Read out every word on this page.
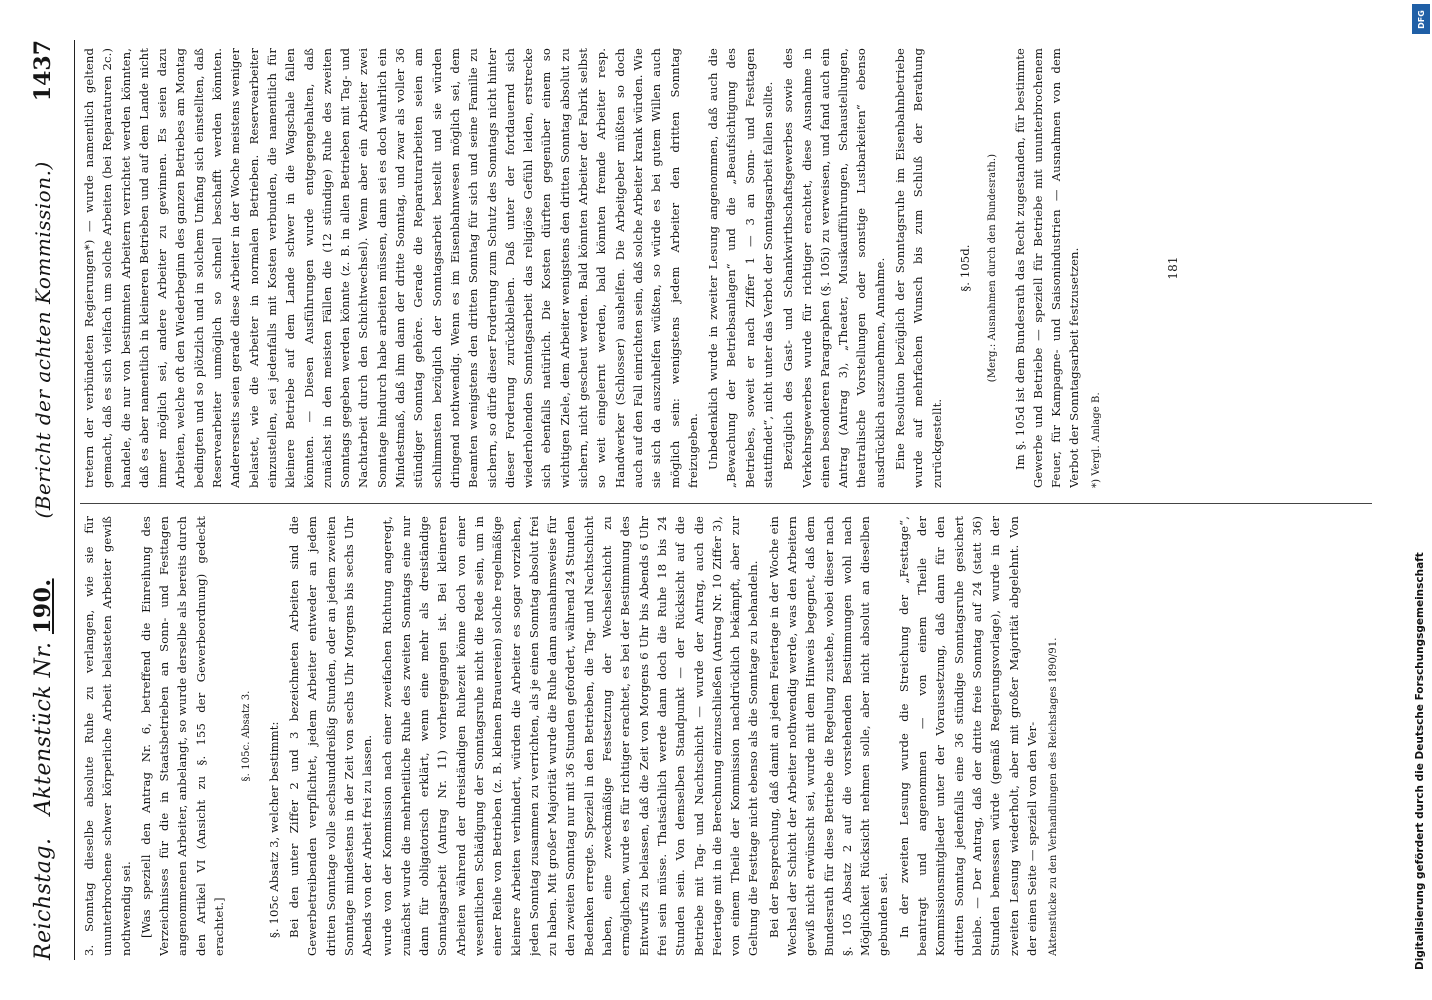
Reichstag.   Aktenstück Nr. 190.
(Bericht der achten Kommission.)
1437

3. Sonntag dieselbe absolute Ruhe zu verlangen, wie sie für ununterbrochene schwer körperliche Arbeit belasteten Arbeiter gewiß nothwendig sei. [Was speziell den Antrag Nr. 6, betreffend die Einreihung des Verzeichnisses für die in Staatsbetrieben an Sonn- und Festtagen angenommenen Arbeiter, anbelangt, so wurde derselbe als bereits durch den Artikel VI (Ansicht zu §. 155 der Gewerbeordnung) gedeckt erachtet.]

§. 105c. Absatz 3.	§. 105c Absatz 3, welcher bestimmt: Bei den unter Ziffer 2 und 3 bezeichneten Arbeiten sind die Gewerbetreibenden verpflichtet, jedem Arbeiter entweder an jedem dritten Sonntage volle sechsunddreißig Stunden, oder an jedem zweiten Sonntage mindestens in der Zeit von sechs Uhr Morgens bis sechs Uhr Abends von der Arbeit frei zu lassen. wurde von der Kommission nach einer zweifachen Richtung angeregt, zunächst wurde die mehrheitliche Ruhe des zweiten Sonntags eine nur dann für obligatorisch erklärt, wenn eine mehr als dreiständige Sonntagsarbeit (Antrag Nr. 11) vorhergegangen ist. Bei kleineren Arbeiten während der dreiständigen Ruhezeit könne doch von einer wesentlichen Schädigung der Sonntagsruhe nicht die Rede sein, um in einer Reihe von Betrieben (z. B. kleinen Brauereien) solche regelmäßige kleinere Arbeiten verhindert, würden die Arbeiter es sogar vorziehen, jeden Sonntag zusammen zu verrichten, als je einen Sonntag absolut frei zu haben. Mit großer Majorität wurde die Ruhe dann ausnahmsweise für den zweiten Sonntag nur mit 36 Stunden gefordert, während 24 Stunden Bedenken erregte. Speziell in den Betrieben, die Tag- und Nachtschicht haben, eine zweckmäßige Festsetzung der Wechselschicht zu ermöglichen, wurde es für richtiger erachtet, es bei der Bestimmung des Entwurfs zu belassen, daß die Zeit von Morgens 6 Uhr bis Abends 6 Uhr frei sein müsse. Thatsächlich werde dann doch die Ruhe 18 bis 24 Stunden sein. Von demselben Standpunkt — der Rücksicht auf die Betriebe mit Tag- und Nachtschicht — wurde der Antrag, auch die Feiertage mit in die Berechnung einzuschließen (Antrag Nr. 10 Ziffer 3), von einem Theile der Kommission nachdrücklich bekämpft, aber zur Geltung die Festtage nicht ebenso als die Sonntage zu behandeln. Bei der Besprechung, daß damit an jedem Feiertage in der Woche ein Wechsel der Schicht der Arbeiter nothwendig werde, was den Arbeitern gewiß nicht erwünscht sei, wurde mit dem Hinweis begegnet, daß dem Bundesrath für diese Betriebe die Regelung zustehe, wobei dieser nach §. 105 Absatz 2 auf die vorstehenden Bestimmungen wohl nach Möglichkeit Rücksicht nehmen solle, aber nicht absolut an dieselben gebunden sei. In der zweiten Lesung wurde die Streichung der „Festtage“, beantragt und angenommen — von einem Theile der Kommissionsmitglieder unter der Voraussetzung, daß dann für den dritten Sonntag jedenfalls eine 36 stündige Sonntagsruhe gesichert bleibe. — Der Antrag, daß der dritte freie Sonntag auf 24 (statt 36) Stunden bemessen würde (gemäß Regierungsvorlage), wurde in der zweiten Lesung wiederholt, aber mit großer Majorität abgelehnt. Von der einen Seite — speziell von den Ver- Aktenstücke zu den Verhandlungen des Reichstages 1890/91.

tretern der verbündeten Regierungen*) — wurde namentlich geltend gemacht, daß es sich vielfach um solche Arbeiten (bei Reparaturen 2c.) handele, die nur von bestimmten Arbeitern verrichtet werden könnten, daß es aber namentlich in kleineren Betrieben und auf dem Lande nicht immer möglich sei, andere Arbeiter zu gewinnen. Es seien dazu Arbeiten, welche oft den Wiederbeginn des ganzen Betriebes am Montag bedingten und so plötzlich und in solchem Umfang sich einstellten, daß Reservearbeiter unmöglich so schnell beschafft werden könnten. Andererseits seien gerade diese Arbeiter in der Woche meistens weniger belastet, wie die Arbeiter in normalen Betrieben. Reservearbeiter einzustellen, sei jedenfalls mit Kosten verbunden, die namentlich für kleinere Betriebe auf dem Lande schwer in die Wagschale fallen könnten. — Diesen Ausführungen wurde entgegengehalten, daß zunächst in den meisten Fällen die (12 stündige) Ruhe des zweiten Sonntags gegeben werden könnte (z. B. in allen Betrieben mit Tag- und Nachtarbeit durch den Schichtwechsel). Wenn aber ein Arbeiter zwei Sonntage hindurch habe arbeiten müssen, dann sei es doch wahrlich ein Mindestmaß, daß ihm dann der dritte Sonntag, und zwar als voller 36 stündiger Sonntag gehöre. Gerade die Reparaturarbeiten seien am schlimmsten bezüglich der Sonntagsarbeit bestellt und sie würden dringend nothwendig. Wenn es im Eisenbahnwesen möglich sei, dem Beamten wenigstens den dritten Sonntag für sich und seine Familie zu sichern, so dürfe dieser Forderung zum Schutz des Sonntags nicht hinter dieser Forderung zurückbleiben. Daß unter der fortdauernd sich wiederholenden Sonntagsarbeit das religiöse Gefühl leiden, erstrecke sich ebenfalls natürlich. Die Kosten dürften gegenüber einem so wichtigen Ziele, dem Arbeiter wenigstens den dritten Sonntag absolut zu sichern, nicht gescheut werden. Bald könnten Arbeiter der Fabrik selbst so weit eingelernt werden, bald könnten fremde Arbeiter resp. Handwerker (Schlosser) aushelfen. Die Arbeitgeber müßten so doch auch auf den Fall einrichten sein, daß solche Arbeiter krank würden. Wie sie sich da auszuhelfen wüßten, so würde es bei gutem Willen auch möglich sein: wenigstens jedem Arbeiter den dritten Sonntag freizugeben. Unbedenklich wurde in zweiter Lesung angenommen, daß auch die „Bewachung der Betriebsanlagen“ und die „Beaufsichtigung des Betriebes, soweit er nach Ziffer 1 — 3 an Sonn- und Festtagen stattfindet“, nicht unter das Verbot der Sonntagsarbeit fallen sollte. Bezüglich des Gast- und Schankwirthschaftsgewerbes sowie des Verkehrsgewerbes wurde für richtiger erachtet, diese Ausnahme in einen besonderen Paragraphen (§. 105i) zu verweisen, und fand auch ein Antrag (Antrag 3), „Theater, Musikaufführungen, Schaustellungen, theatralische Vorstellungen oder sonstige Lustbarkeiten“ ebenso ausdrücklich auszunehmen, Annahme. Eine Resolution bezüglich der Sonntagsruhe im Eisenbahnbetriebe wurde auf mehrfachen Wunsch bis zum Schluß der Berathung zurückgestellt.

§. 105d.	(Merg.: Ausnahmen durch den Bundesrath.)	Im §. 105d ist dem Bundesrath das Recht zugestanden, für bestimmte Gewerbe und Betriebe — speziell für Betriebe mit ununterbrochenem Feuer, für Kampagne- und Saisonindustrien — Ausnahmen von dem Verbot der Sonntagsarbeit festzusetzen. *) Vergl. Anlage B.

181

Digitalisierung gefördert durch die Deutsche Forschungsgemeinschaft
DFG
